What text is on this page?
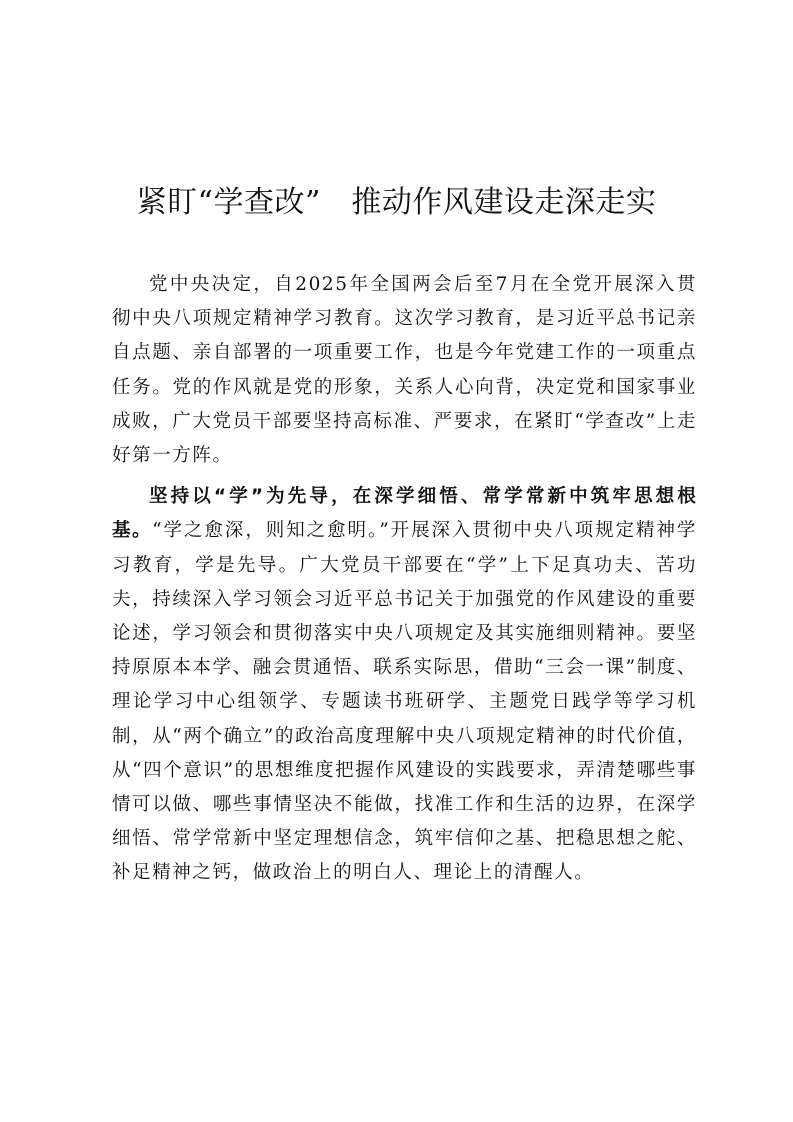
紧盯“学查改”　推动作风建设走深走实

党中央决定，自2025年全国两会后至7月在全党开展深入贯彻中央八项规定精神学习教育。这次学习教育，是习近平总书记亲自点题、亲自部署的一项重要工作，也是今年党建工作的一项重点任务。党的作风就是党的形象，关系人心向背，决定党和国家事业成败，广大党员干部要坚持高标准、严要求，在紧盯“学查改”上走好第一方阵。

坚持以“学”为先导，在深学细悟、常学常新中筑牢思想根基。“学之愈深，则知之愈明。”开展深入贯彻中央八项规定精神学习教育，学是先导。广大党员干部要在“学”上下足真功夫、苦功夫，持续深入学习领会习近平总书记关于加强党的作风建设的重要论述，学习领会和贯彻落实中央八项规定及其实施细则精神。要坚持原原本本学、融会贯通悟、联系实际思，借助“三会一课”制度、理论学习中心组领学、专题读书班研学、主题党日践学等学习机制，从“两个确立”的政治高度理解中央八项规定精神的时代价值，从“四个意识”的思想维度把握作风建设的实践要求，弄清楚哪些事情可以做、哪些事情坚决不能做，找准工作和生活的边界，在深学细悟、常学常新中坚定理想信念，筑牢信仰之基、把稳思想之舵、补足精神之钙，做政治上的明白人、理论上的清醒人。
